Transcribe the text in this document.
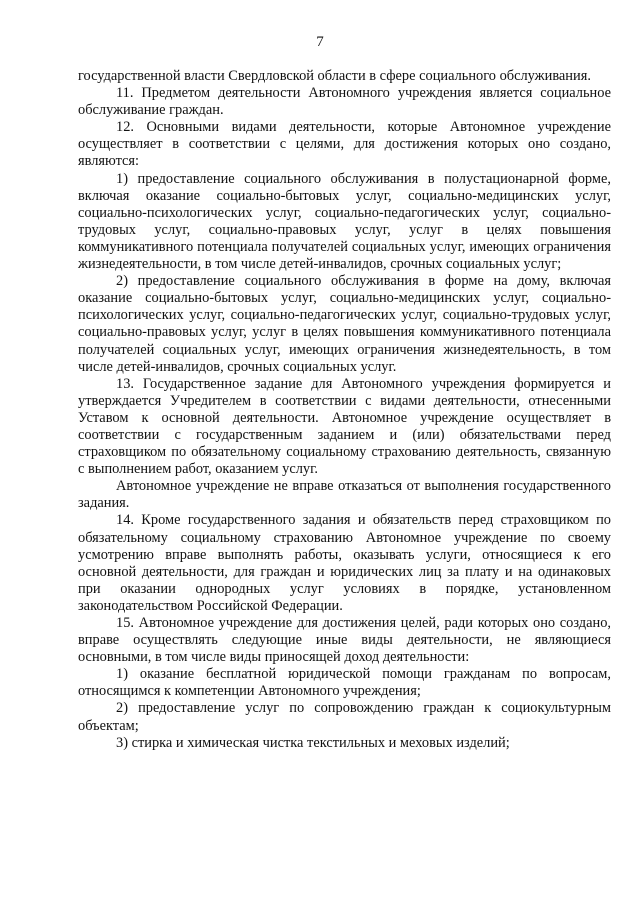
7

государственной власти Свердловской области в сфере социального обслуживания.

11. Предметом деятельности Автономного учреждения является социальное обслуживание граждан.

12. Основными видами деятельности, которые Автономное учреждение осуществляет в соответствии с целями, для достижения которых оно создано, являются:

1) предоставление социального обслуживания в полустационарной форме, включая оказание социально-бытовых услуг, социально-медицинских услуг, социально-психологических услуг, социально-педагогических услуг, социально-трудовых услуг, социально-правовых услуг, услуг в целях повышения коммуникативного потенциала получателей социальных услуг, имеющих ограничения жизнедеятельности, в том числе детей-инвалидов, срочных социальных услуг;

2) предоставление социального обслуживания в форме на дому, включая оказание социально-бытовых услуг, социально-медицинских услуг, социально-психологических услуг, социально-педагогических услуг, социально-трудовых услуг, социально-правовых услуг, услуг в целях повышения коммуникативного потенциала получателей социальных услуг, имеющих ограничения жизнедеятельность, в том числе детей-инвалидов, срочных социальных услуг.

13. Государственное задание для Автономного учреждения формируется и утверждается Учредителем в соответствии с видами деятельности, отнесенными Уставом к основной деятельности. Автономное учреждение осуществляет в соответствии с государственным заданием и (или) обязательствами перед страховщиком по обязательному социальному страхованию деятельность, связанную с выполнением работ, оказанием услуг.

Автономное учреждение не вправе отказаться от выполнения государственного задания.

14. Кроме государственного задания и обязательств перед страховщиком по обязательному социальному страхованию Автономное учреждение по своему усмотрению вправе выполнять работы, оказывать услуги, относящиеся к его основной деятельности, для граждан и юридических лиц за плату и на одинаковых при оказании однородных услуг условиях в порядке, установленном законодательством Российской Федерации.

15. Автономное учреждение для достижения целей, ради которых оно создано, вправе осуществлять следующие иные виды деятельности, не являющиеся основными, в том числе виды приносящей доход деятельности:

1) оказание бесплатной юридической помощи гражданам по вопросам, относящимся к компетенции Автономного учреждения;

2) предоставление услуг по сопровождению граждан к социокультурным объектам;

3) стирка и химическая чистка текстильных и меховых изделий;
